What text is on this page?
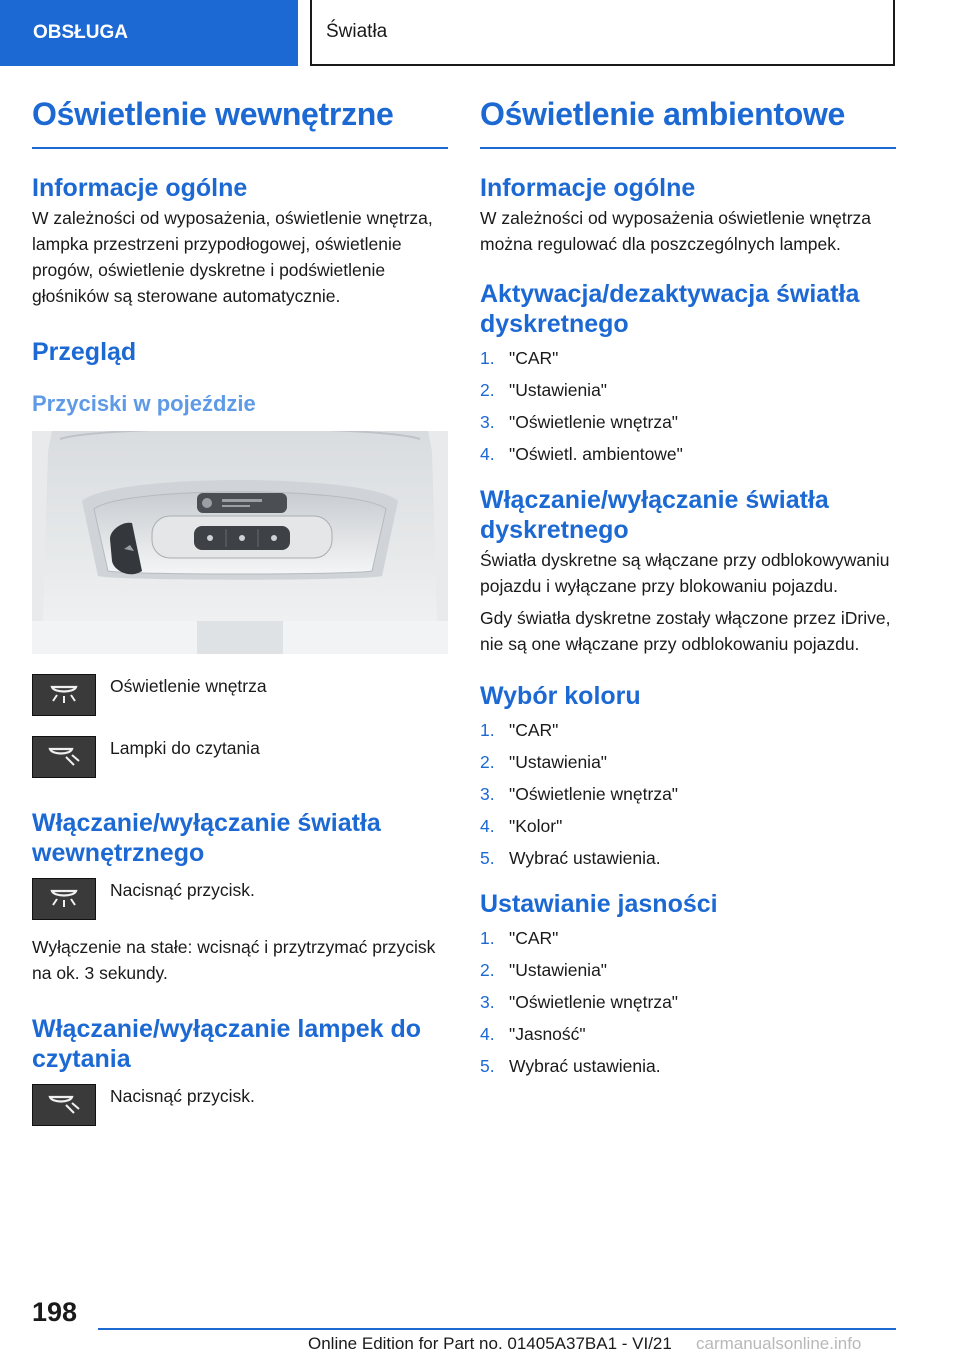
OBSŁUGA	Światła
Oświetlenie wewnętrzne
Informacje ogólne

W zależności od wyposażenia, oświetlenie wnętrza, lampka przestrzeni przypodłogowej, oświetlenie progów, oświetlenie dyskretne i podświetlenie głośników są sterowane automatycznie.

Przegląd
Przyciski w pojeździe
Oświetlenie wnętrza
Lampki do czytania
Włączanie/wyłączanie światła wewnętrznego
Nacisnąć przycisk.

Wyłączenie na stałe: wcisnąć i przytrzymać przycisk na ok. 3 sekundy.

Włączanie/wyłączanie lampek do czytania
Nacisnąć przycisk.
Oświetlenie ambientowe
Informacje ogólne

W zależności od wyposażenia oświetlenie wnętrza można regulować dla poszczególnych lampek.

Aktywacja/dezaktywacja światła dyskretnego
1. "CAR"
2. "Ustawienia"
3. "Oświetlenie wnętrza"
4. "Oświetl. ambientowe"
Włączanie/wyłączanie światła dyskretnego

Światła dyskretne są włączane przy odblokowywaniu pojazdu i wyłączane przy blokowaniu pojazdu.

Gdy światła dyskretne zostały włączone przez iDrive, nie są one włączane przy odblokowaniu pojazdu.

Wybór koloru
1. "CAR"
2. "Ustawienia"
3. "Oświetlenie wnętrza"
4. "Kolor"
5. Wybrać ustawienia.
Ustawianie jasności
1. "CAR"
2. "Ustawienia"
3. "Oświetlenie wnętrza"
4. "Jasność"
5. Wybrać ustawienia.
198
Online Edition for Part no. 01405A37BA1 - VI/21 carmanualsonline.info
